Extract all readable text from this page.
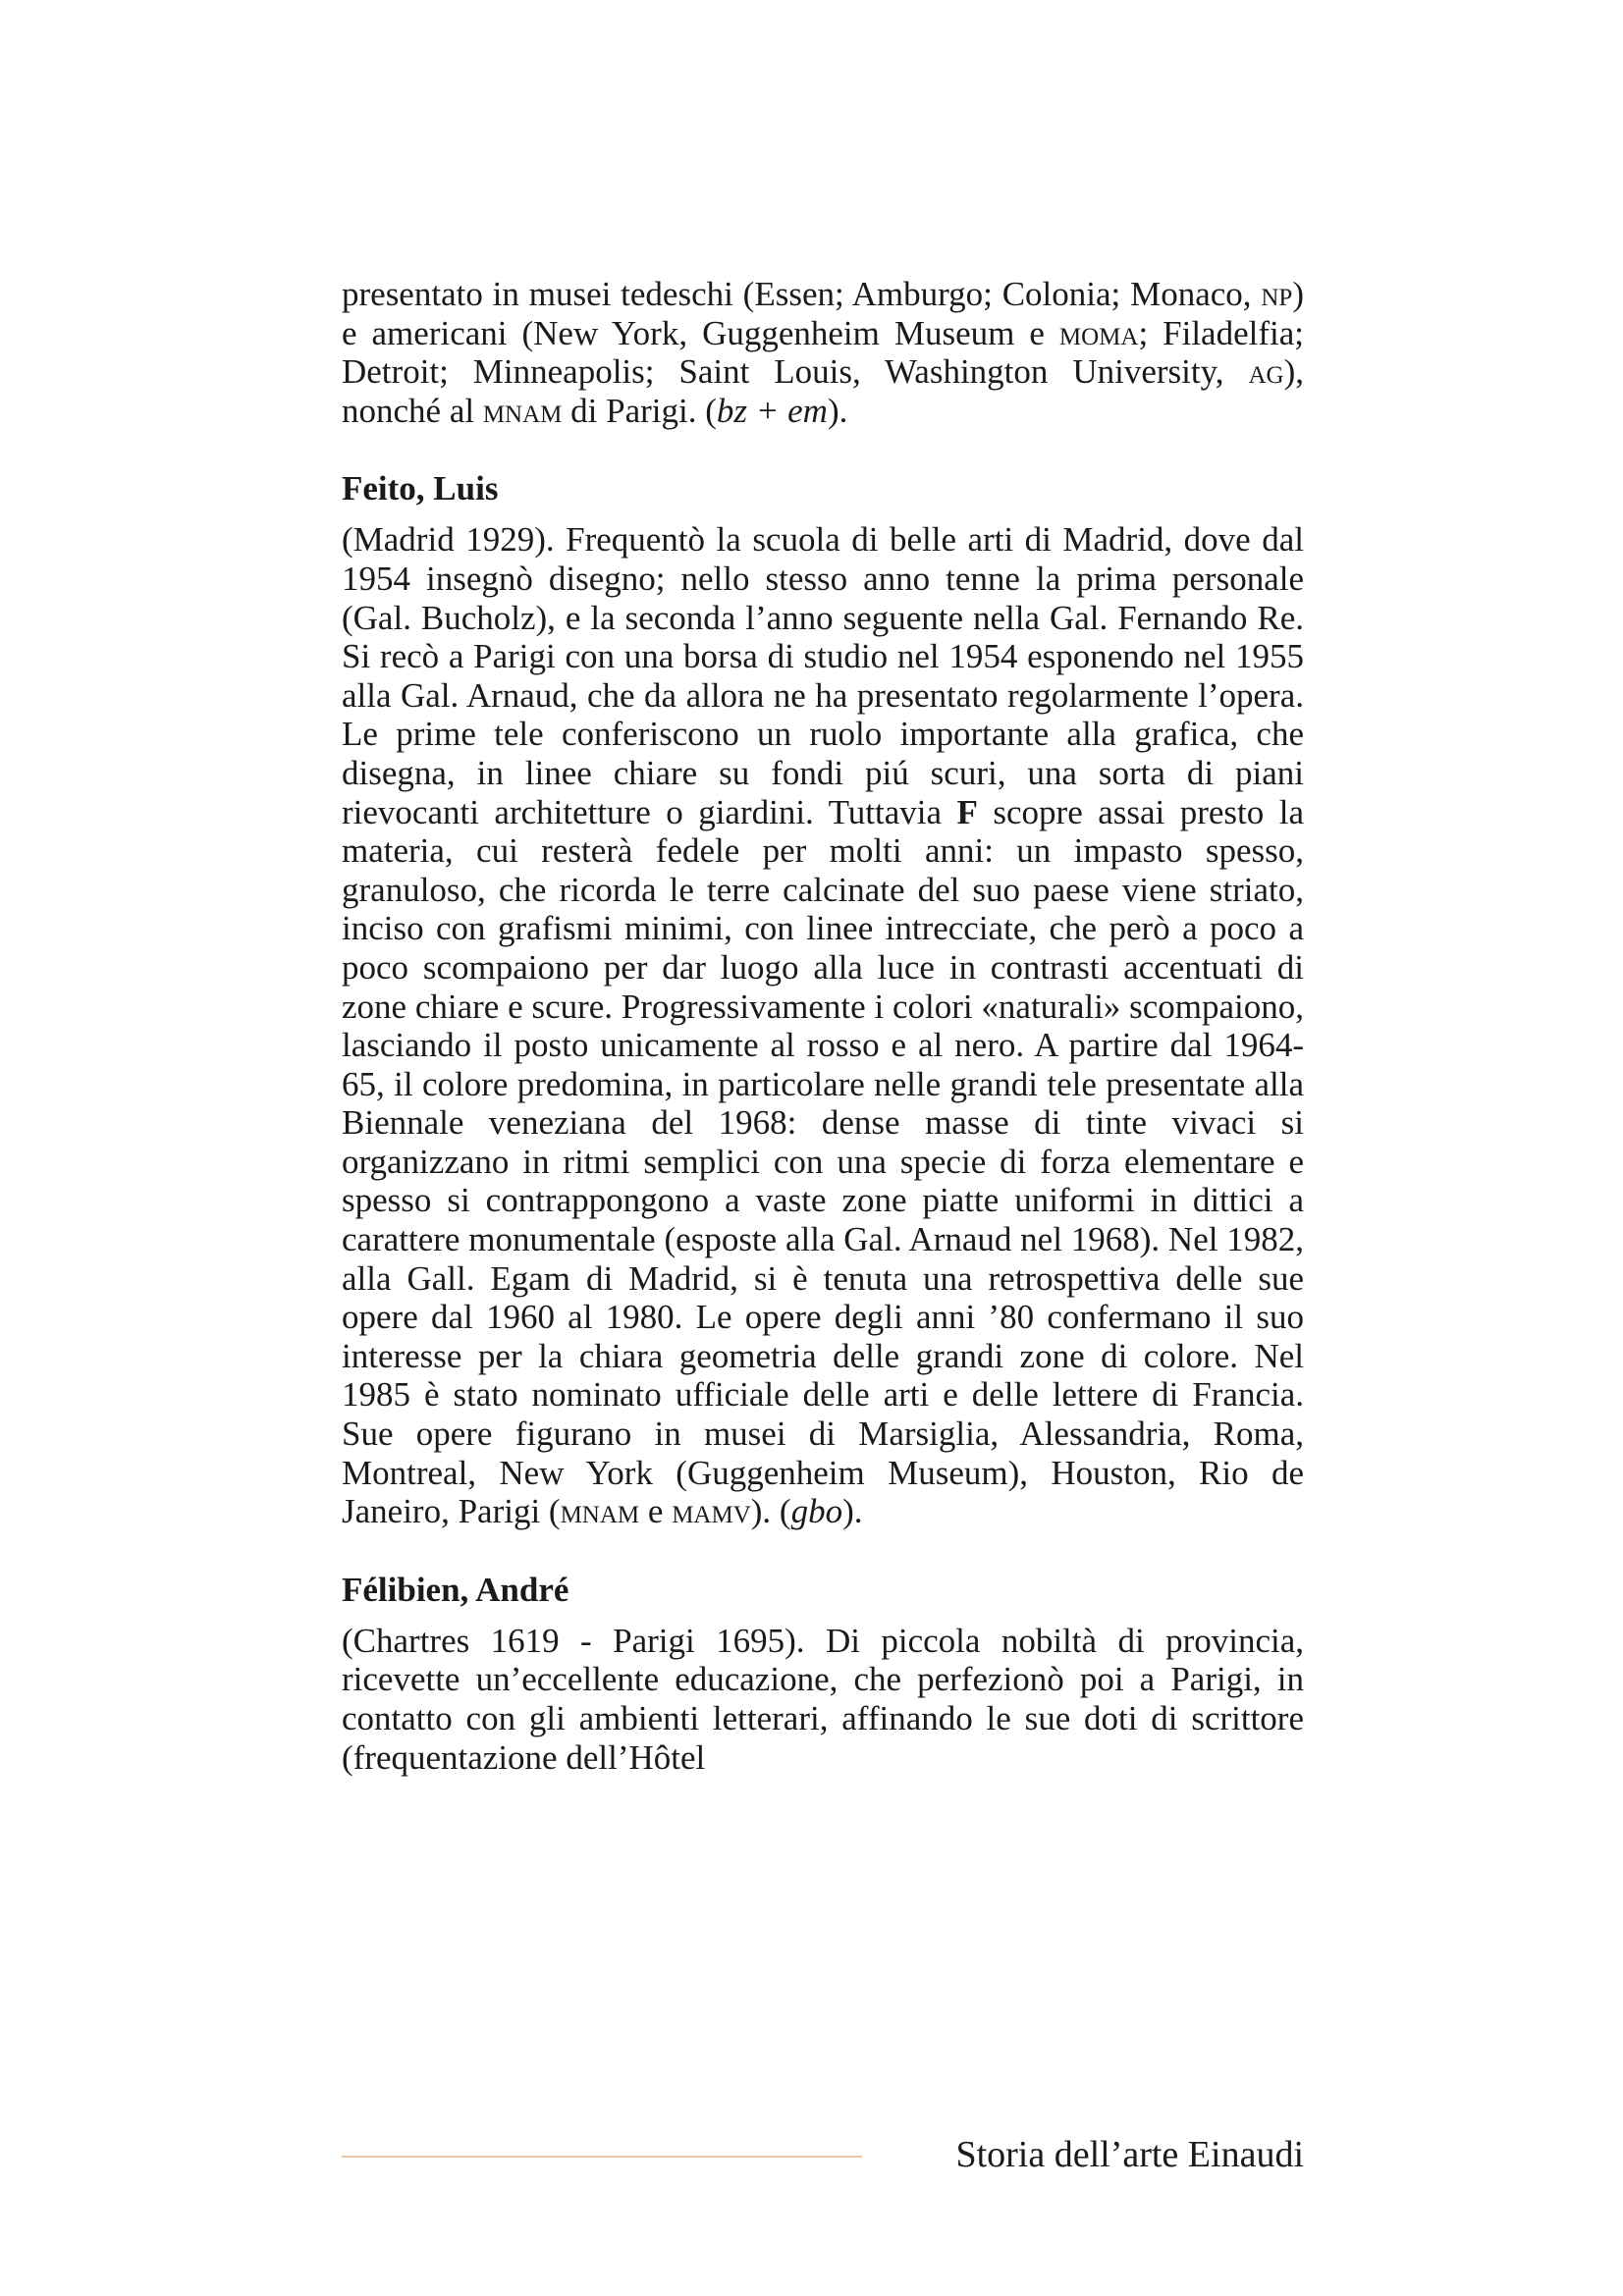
presentato in musei tedeschi (Essen; Amburgo; Colonia; Monaco, np) e americani (New York, Guggenheim Museum e moma; Filadelfia; Detroit; Minneapolis; Saint Louis, Washington University, ag), nonché al mnam di Parigi. (bz + em).

Feito, Luis

(Madrid 1929). Frequentò la scuola di belle arti di Madrid, dove dal 1954 insegnò disegno; nello stesso anno tenne la prima personale (Gal. Bucholz), e la seconda l’anno seguente nella Gal. Fernando Re. Si recò a Parigi con una borsa di studio nel 1954 esponendo nel 1955 alla Gal. Arnaud, che da allora ne ha presentato regolarmente l’opera. Le prime tele conferiscono un ruolo importante alla grafica, che disegna, in linee chiare su fondi piú scuri, una sorta di piani rievocanti architetture o giardini. Tuttavia F scopre assai presto la materia, cui resterà fedele per molti anni: un impasto spesso, granuloso, che ricorda le terre calcinate del suo paese viene striato, inciso con grafismi minimi, con linee intrecciate, che però a poco a poco scompaiono per dar luogo alla luce in contrasti accentuati di zone chiare e scure. Progressivamente i colori «naturali» scompaiono, lasciando il posto unicamente al rosso e al nero. A partire dal 1964-65, il colore predomina, in particolare nelle grandi tele presentate alla Biennale veneziana del 1968: dense masse di tinte vivaci si organizzano in ritmi semplici con una specie di forza elementare e spesso si contrappongono a vaste zone piatte uniformi in dittici a carattere monumentale (esposte alla Gal. Arnaud nel 1968). Nel 1982, alla Gall. Egam di Madrid, si è tenuta una retrospettiva delle sue opere dal 1960 al 1980. Le opere degli anni ’80 confermano il suo interesse per la chiara geometria delle grandi zone di colore. Nel 1985 è stato nominato ufficiale delle arti e delle lettere di Francia. Sue opere figurano in musei di Marsiglia, Alessandria, Roma, Montreal, New York (Guggenheim Museum), Houston, Rio de Janeiro, Parigi (mnam e mamv). (gbo).

Félibien, André

(Chartres 1619 - Parigi 1695). Di piccola nobiltà di provincia, ricevette un’eccellente educazione, che perfezionò poi a Parigi, in contatto con gli ambienti letterari, affinando le sue doti di scrittore (frequentazione dell’Hôtel

Storia dell’arte Einaudi
